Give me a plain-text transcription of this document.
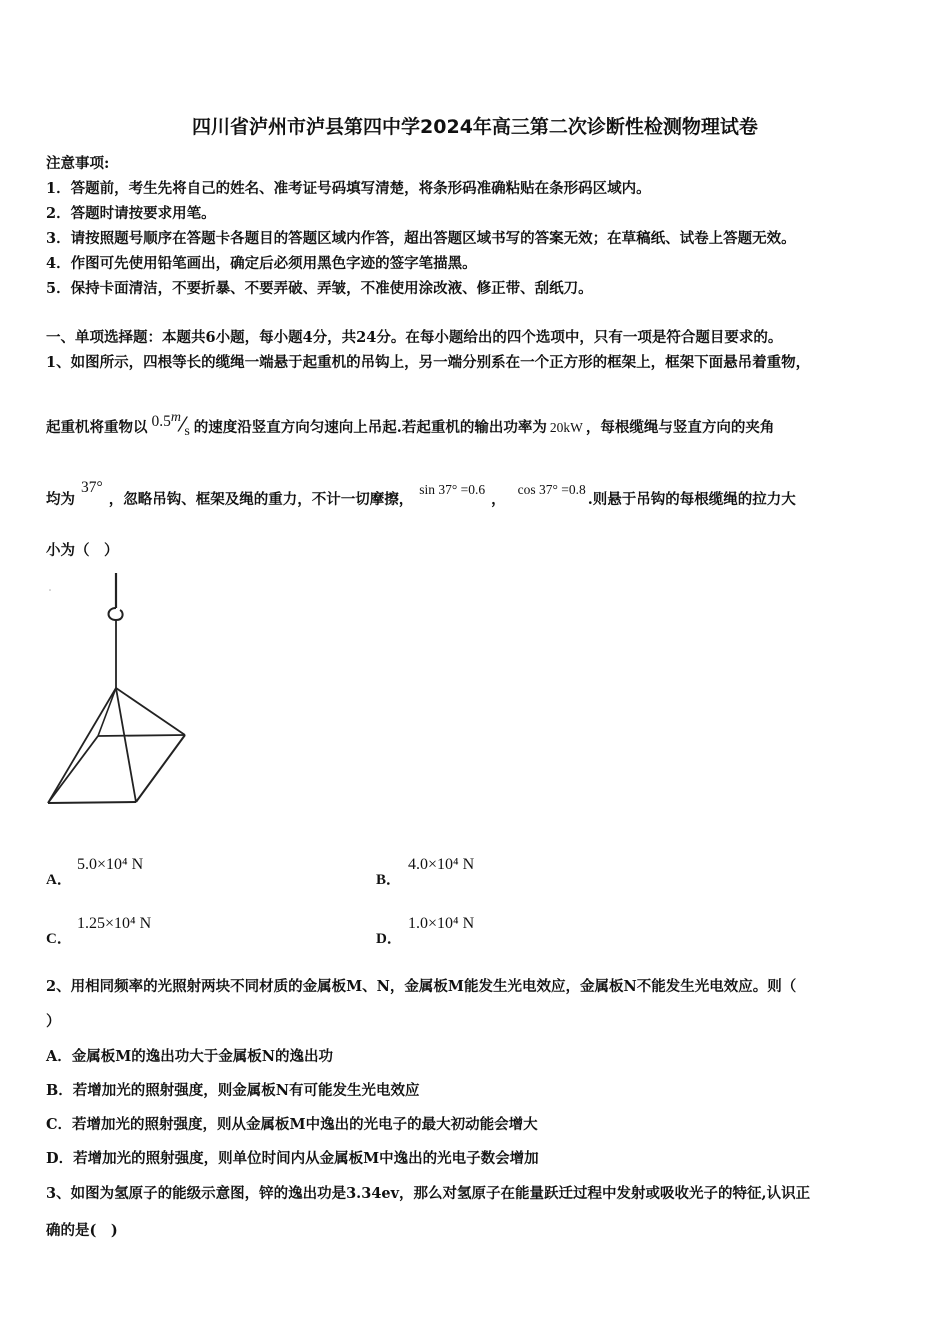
四川省泸州市泸县第四中学2024年高三第二次诊断性检测物理试卷
注意事项:
1．答题前，考生先将自己的姓名、准考证号码填写清楚，将条形码准确粘贴在条形码区域内。
2．答题时请按要求用笔。
3．请按照题号顺序在答题卡各题目的答题区域内作答，超出答题区域书写的答案无效；在草稿纸、试卷上答题无效。
4．作图可先使用铅笔画出，确定后必须用黑色字迹的签字笔描黑。
5．保持卡面清洁，不要折暴、不要弄破、弄皱，不准使用涂改液、修正带、刮纸刀。
一、单项选择题：本题共6小题，每小题4分，共24分。在每小题给出的四个选项中，只有一项是符合题目要求的。
1、如图所示，四根等长的缆绳一端悬于起重机的吊钩上，另一端分别系在一个正方形的框架上，框架下面悬吊着重物，
起重机将重物以 0.5m⁄s 的速度沿竖直方向匀速向上吊起.若起重机的输出功率为 20kW ，每根缆绳与竖直方向的夹角
均为37°，忽略吊钩、框架及绳的重力，不计一切摩擦，sin 37° =0.6，cos 37° =0.8.则悬于吊钩的每根缆绳的拉力大
小为（　）
A．
5.0×10⁴ N
B．
4.0×10⁴ N
C．
1.25×10⁴ N
D．
1.0×10⁴ N
2、用相同频率的光照射两块不同材质的金属板M、N，金属板M能发生光电效应，金属板N不能发生光电效应。则（
）
A．金属板M的逸出功大于金属板N的逸出功
B．若增加光的照射强度，则金属板N有可能发生光电效应
C．若增加光的照射强度，则从金属板M中逸出的光电子的最大初动能会增大
D．若增加光的照射强度，则单位时间内从金属板M中逸出的光电子数会增加
3、如图为氢原子的能级示意图，锌的逸出功是3.34ev，那么对氢原子在能量跃迁过程中发射或吸收光子的特征,认识正
确的是(　)
